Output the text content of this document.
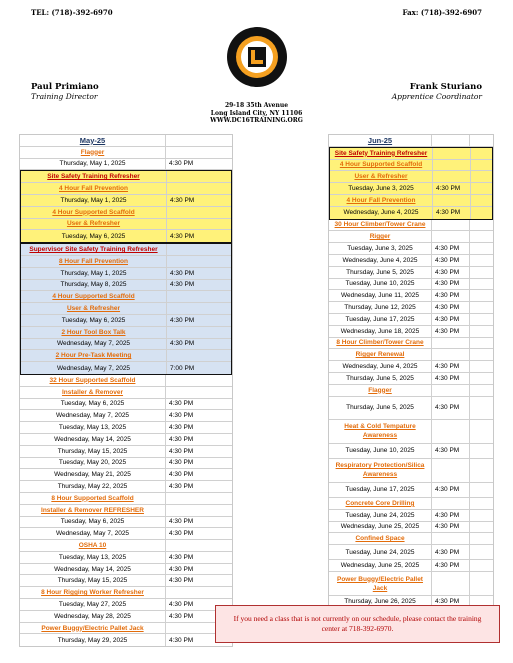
TEL: (718)-392-6970	Fax: (718)-392-6907
Paul Primiano
Training Director
Frank Sturiano
Apprentice Coordinator
29-18 35th Avenue
Long Island City, NY 11106
WWW.DC16TRAINING.ORG
May-25
Flagger
Thursday, May 1, 2025	4:30 PM
Site Safety Training Refresher
4 Hour Fall Prevention
Thursday, May 1, 2025	4:30 PM
4 Hour Supported Scaffold
User & Refresher
Tuesday, May 6, 2025	4:30 PM
Supervisor Site Safety Training Refresher
8 Hour Fall Prevention
Thursday, May 1, 2025	4:30 PM
Thursday, May 8, 2025	4:30 PM
4 Hour Supported Scaffold
User & Refresher
Tuesday, May 6, 2025	4:30 PM
2 Hour Tool Box Talk
Wednesday, May 7, 2025	4:30 PM
2 Hour Pre-Task Meeting
Wednesday, May 7, 2025	7:00 PM
32 Hour Supported Scaffold
Installer & Remover
Tuesday, May 6, 2025	4:30 PM
Wednesday, May 7, 2025	4:30 PM
Tuesday, May 13, 2025	4:30 PM
Wednesday, May 14, 2025	4:30 PM
Thursday, May 15, 2025	4:30 PM
Tuesday, May 20, 2025	4:30 PM
Wednesday, May 21, 2025	4:30 PM
Thursday, May 22, 2025	4:30 PM
8 Hour Supported Scaffold
Installer & Remover REFRESHER
Tuesday, May 6, 2025	4:30 PM
Wednesday, May 7, 2025	4:30 PM
OSHA 10
Tuesday, May 13, 2025	4:30 PM
Wednesday, May 14, 2025	4:30 PM
Thursday, May 15, 2025	4:30 PM
8 Hour Rigging Worker Refresher
Tuesday, May 27, 2025	4:30 PM
Wednesday, May 28, 2025	4:30 PM
Power Buggy/Electric Pallet Jack
Thursday, May 29, 2025	4:30 PM
Jun-25
Site Safety Training Refresher
4 Hour Supported Scaffold
User & Refresher
Tuesday, June 3, 2025	4:30 PM
4 Hour Fall Prevention
Wednesday, June 4, 2025	4:30 PM
30 Hour Climber/Tower Crane
Rigger
Tuesday, June 3, 2025	4:30 PM
Wednesday, June 4, 2025	4:30 PM
Thursday, June 5, 2025	4:30 PM
Tuesday, June 10, 2025	4:30 PM
Wednesday, June 11, 2025	4:30 PM
Thursday, June 12, 2025	4:30 PM
Tuesday, June 17, 2025	4:30 PM
Wednesday, June 18, 2025	4:30 PM
8 Hour Climber/Tower Crane
Rigger Renewal
Wednesday, June 4, 2025	4:30 PM
Thursday, June 5, 2025	4:30 PM
Flagger
Thursday, June 5, 2025	4:30 PM
Heat & Cold Tempature Awareness
Tuesday, June 10, 2025	4:30 PM
Respiratory Protection/Silica Awareness
Tuesday, June 17, 2025	4:30 PM
Concrete Core Drilling
Tuesday, June 24, 2025	4:30 PM
Wednesday, June 25, 2025	4:30 PM
Confined Space
Tuesday, June 24, 2025	4:30 PM
Wednesday, June 25, 2025	4:30 PM
Power Buggy/Electric Pallet Jack
Thursday, June 26, 2025	4:30 PM
If you need a class that is not currently on our schedule, please contact the training center at 718-392-6970.
